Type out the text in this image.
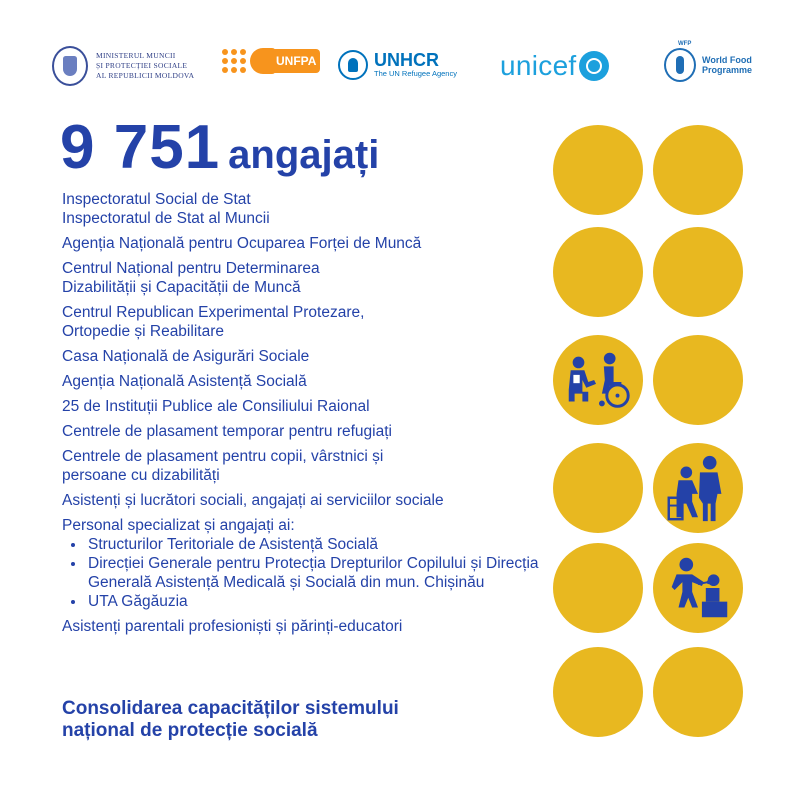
MINISTERUL MUNCII
ȘI PROTECȚIEI SOCIALE
AL REPUBLICII MOLDOVA
UNFPA	UNHCR
The UN Refugee Agency unicef
WFP
World Food
Programme
9 751 angajați
Inspectoratul Social de Stat
Inspectoratul de Stat al Muncii
Agenția Națională pentru Ocuparea Forței de Muncă
Centrul Național pentru Determinarea
Dizabilității și Capacității de Muncă
Centrul Republican Experimental Protezare,
Ortopedie și Reabilitare
Casa Națională de Asigurări Sociale
Agenția Națională Asistență Socială
25 de Instituții Publice ale Consiliului Raional
Centrele de plasament temporar pentru refugiați
Centrele de plasament pentru copii, vârstnici și
persoane cu dizabilități
Asistenți și lucrători sociali, angajați ai serviciilor sociale
Personal specializat și angajați ai:
• Structurilor Teritoriale de Asistență Socială
• Direcției Generale pentru Protecția Drepturilor Copilului și Direcția Generală Asistență Medicală și Socială din mun. Chișinău
• UTA Găgăuzia
Asistenți parentali profesioniști și părinți-educatori
Consolidarea capacităților sistemului
național de protecție socială
